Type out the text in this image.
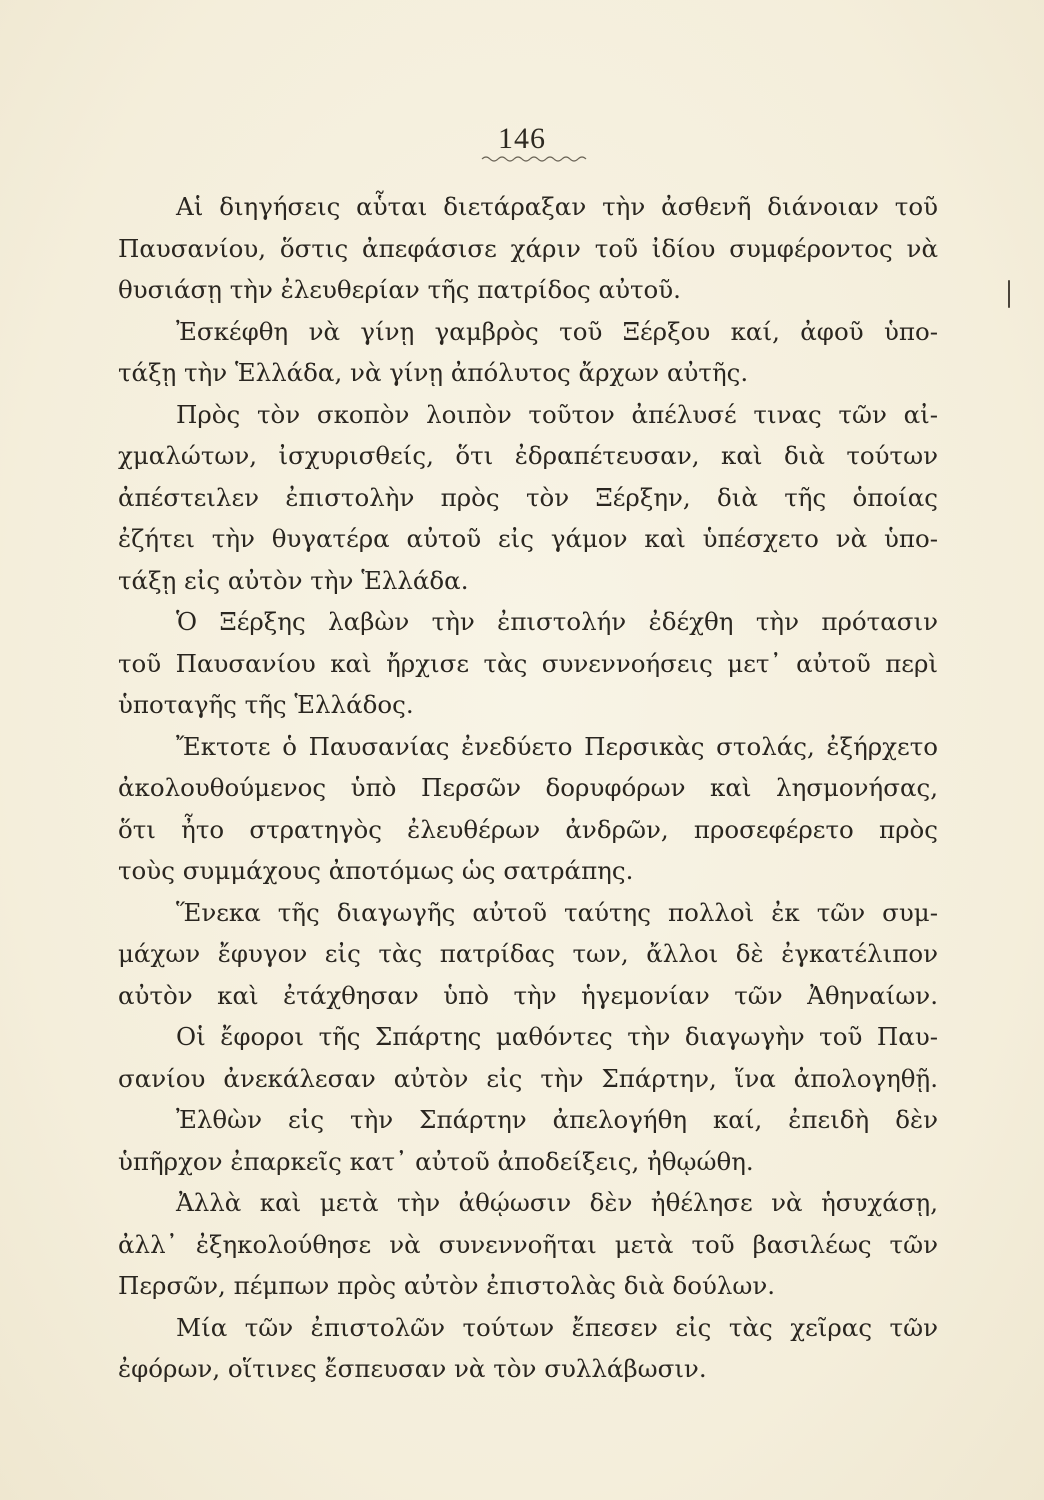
146
Αἱ διηγήσεις αὗται διετάραξαν τὴν ἀσθενῆ διάνοιαν τοῦ
Παυσανίου, ὅστις ἀπεφάσισε χάριν τοῦ ἰδίου συμφέροντος νὰ
θυσιάσῃ τὴν ἐλευθερίαν τῆς πατρίδος αὐτοῦ.
Ἐσκέφθη νὰ γίνῃ γαμβρὸς τοῦ Ξέρξου καί, ἀφοῦ ὑπο-
τάξῃ τὴν Ἑλλάδα, νὰ γίνῃ ἀπόλυτος ἄρχων αὐτῆς.
Πρὸς τὸν σκοπὸν λοιπὸν τοῦτον ἀπέλυσέ τινας τῶν αἰ-
χμαλώτων, ἰσχυρισθείς, ὅτι ἐδραπέτευσαν, καὶ διὰ τούτων
ἀπέστειλεν ἐπιστολὴν πρὸς τὸν Ξέρξην, διὰ τῆς ὁποίας
ἐζήτει τὴν θυγατέρα αὐτοῦ εἰς γάμον καὶ ὑπέσχετο νὰ ὑπο-
τάξῃ εἰς αὐτὸν τὴν Ἑλλάδα.
Ὁ Ξέρξης λαβὼν τὴν ἐπιστολήν ἐδέχθη τὴν πρότασιν
τοῦ Παυσανίου καὶ ἤρχισε τὰς συνεννοήσεις μετ᾽ αὐτοῦ περὶ
ὑποταγῆς τῆς Ἑλλάδος.
Ἔκτοτε ὁ Παυσανίας ἐνεδύετο Περσικὰς στολάς, ἐξήρχετο
ἀκολουθούμενος ὑπὸ Περσῶν δορυφόρων καὶ λησμονήσας,
ὅτι ἦτο στρατηγὸς ἐλευθέρων ἀνδρῶν, προσεφέρετο πρὸς
τοὺς συμμάχους ἀποτόμως ὡς σατράπης.
Ἕνεκα τῆς διαγωγῆς αὐτοῦ ταύτης πολλοὶ ἐκ τῶν συμ-
μάχων ἔφυγον εἰς τὰς πατρίδας των, ἄλλοι δὲ ἐγκατέλιπον
αὐτὸν καὶ ἐτάχθησαν ὑπὸ τὴν ἡγεμονίαν τῶν Ἀθηναίων.
Οἱ ἔφοροι τῆς Σπάρτης μαθόντες τὴν διαγωγὴν τοῦ Παυ-
σανίου ἀνεκάλεσαν αὐτὸν εἰς τὴν Σπάρτην, ἵνα ἀπολογηθῇ.
Ἐλθὼν εἰς τὴν Σπάρτην ἀπελογήθη καί, ἐπειδὴ δὲν
ὑπῆρχον ἐπαρκεῖς κατ᾽ αὐτοῦ ἀποδείξεις, ἠθῳώθη.
Ἀλλὰ καὶ μετὰ τὴν ἀθῴωσιν δὲν ἠθέλησε νὰ ἡσυχάσῃ,
ἀλλ᾽ ἐξηκολούθησε νὰ συνεννοῆται μετὰ τοῦ βασιλέως τῶν
Περσῶν, πέμπων πρὸς αὐτὸν ἐπιστολὰς διὰ δούλων.
Μία τῶν ἐπιστολῶν τούτων ἔπεσεν εἰς τὰς χεῖρας τῶν
ἐφόρων, οἵτινες ἔσπευσαν νὰ τὸν συλλάβωσιν.
